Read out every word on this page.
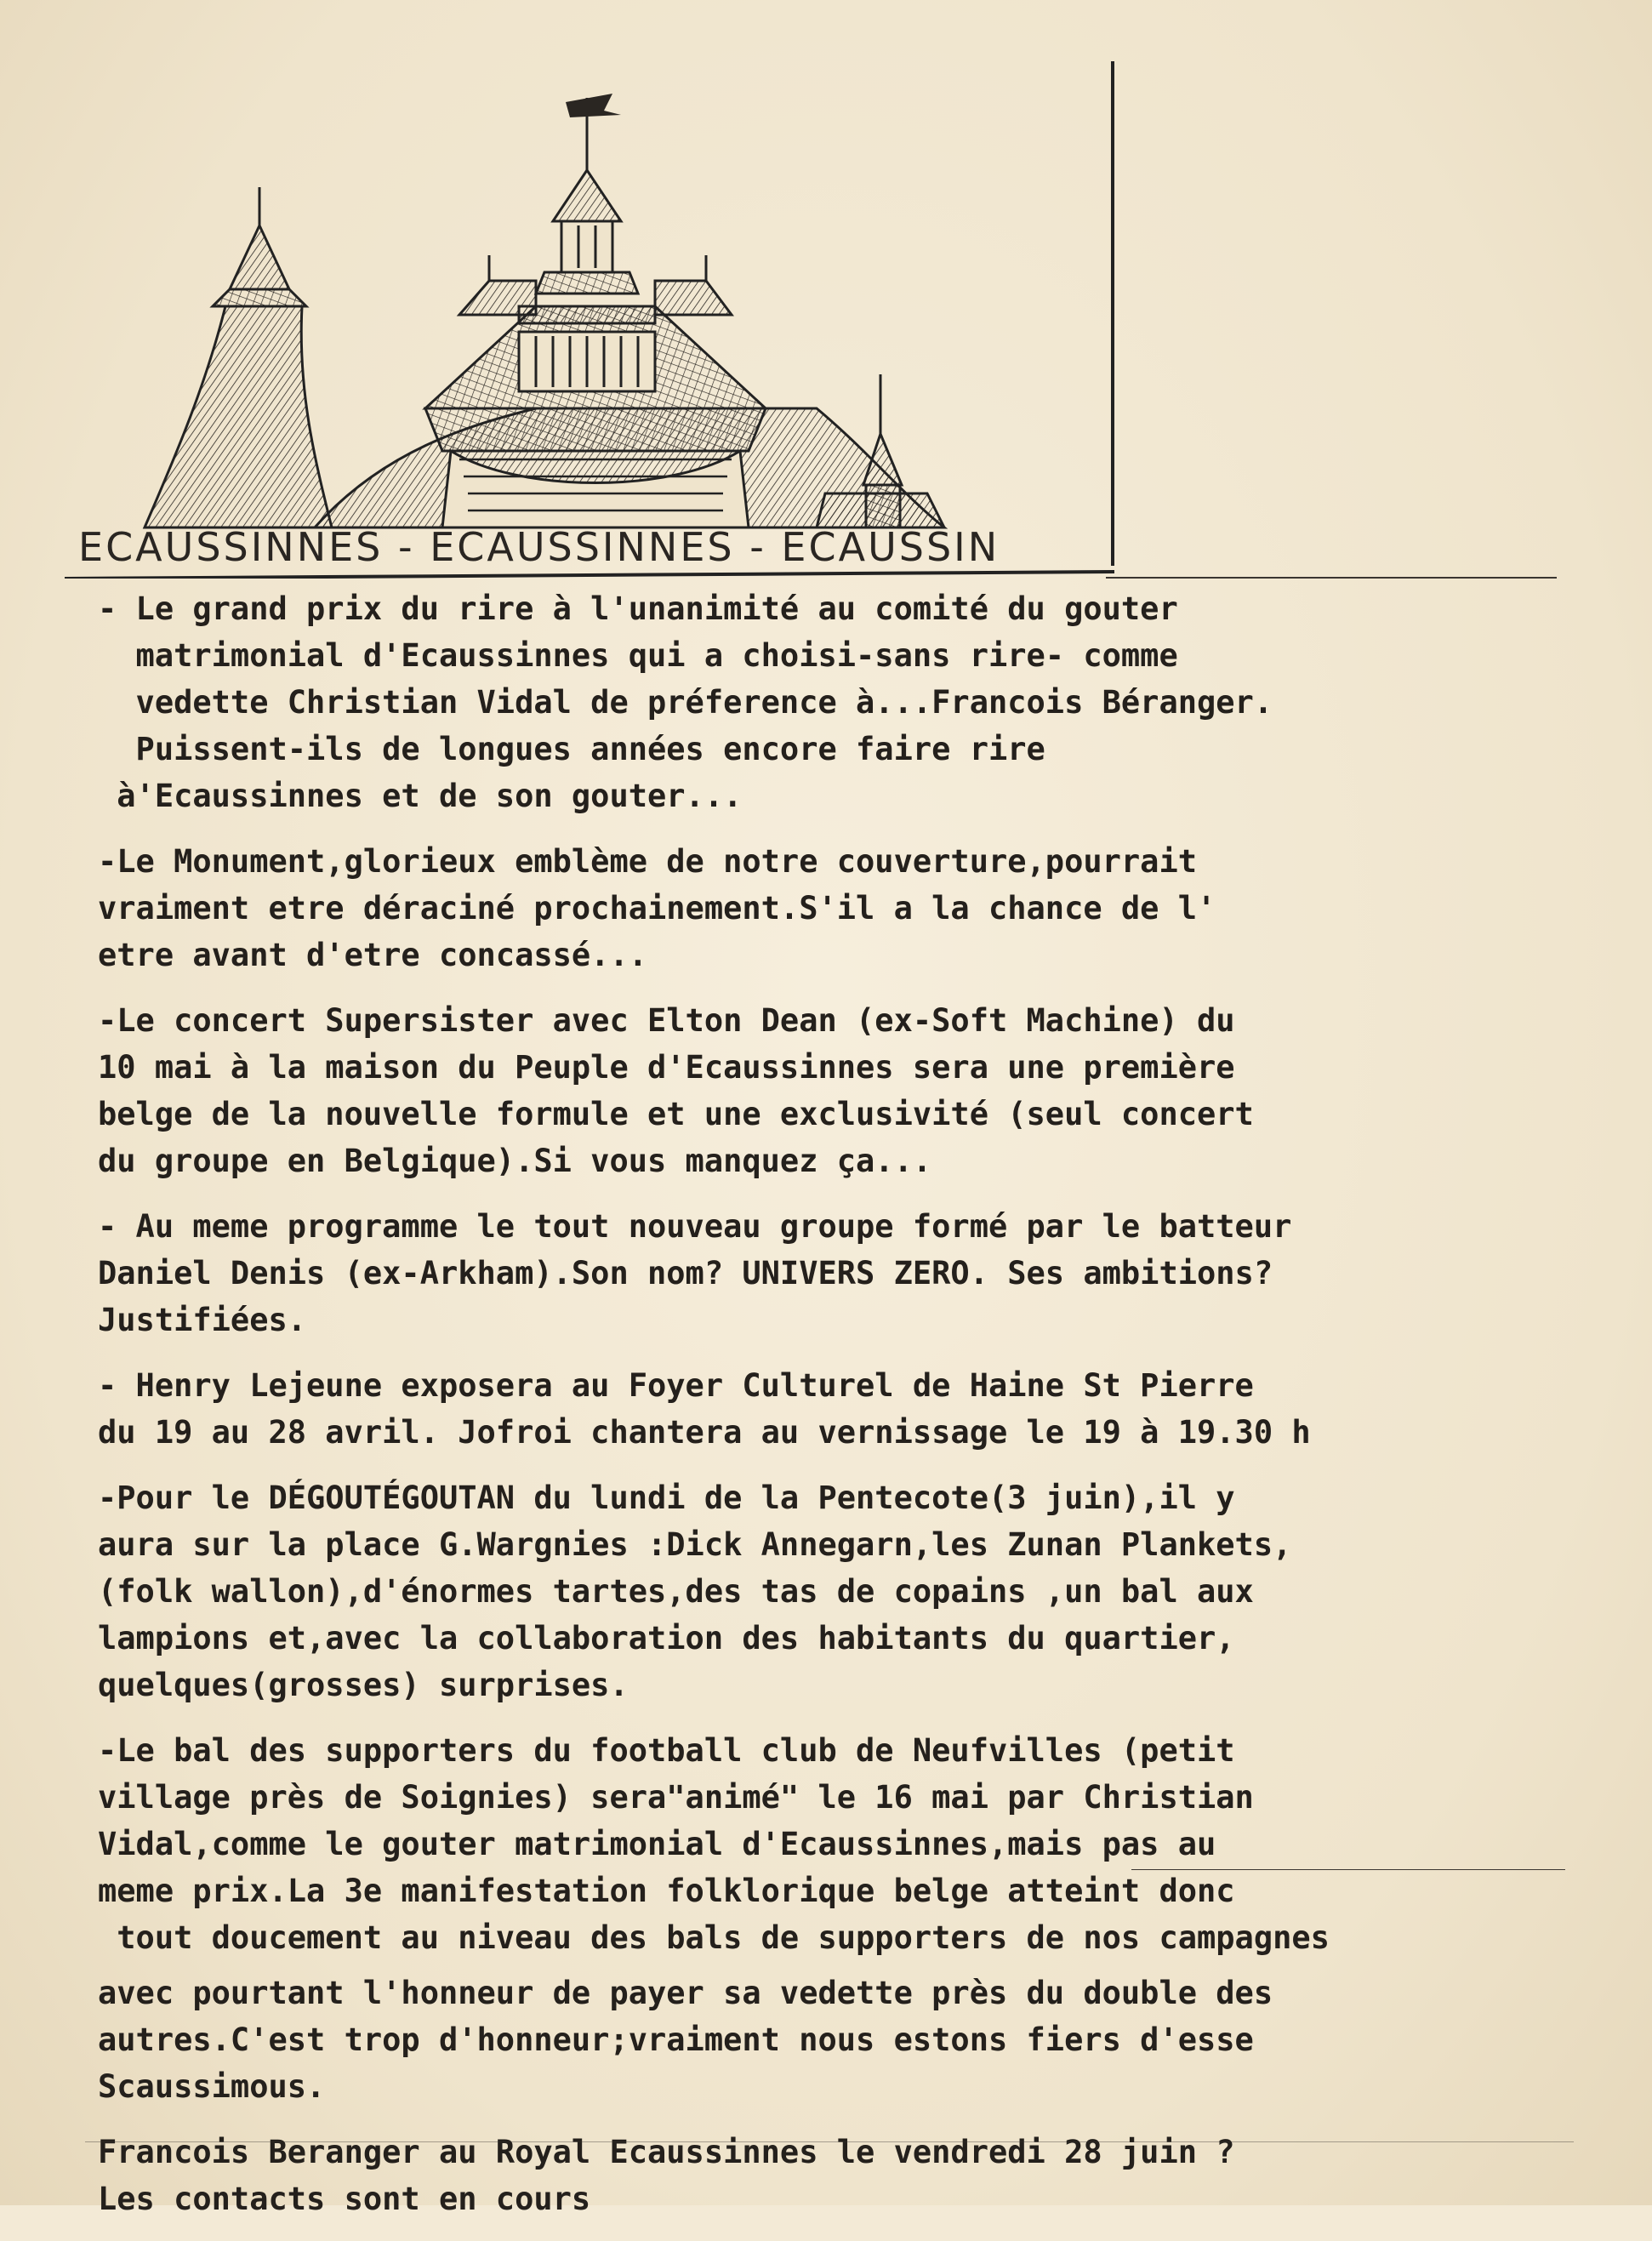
ECAUSSINNES - ECAUSSINNES - ECAUSSIN
- Le grand prix du rire à l'unanimité au comité du gouter
matrimonial d'Ecaussinnes qui a choisi-sans rire- comme
vedette Christian Vidal de préference à...Francois Béranger.
Puissent-ils de longues années encore faire rire
à'Ecaussinnes et de son gouter...
-Le Monument,glorieux emblème de notre couverture,pourrait
vraiment etre déraciné prochainement.S'il a la chance de l'
etre avant d'etre concassé...
-Le concert Supersister avec Elton Dean (ex-Soft Machine) du
10 mai à la maison du Peuple d'Ecaussinnes sera une première
belge de la nouvelle formule et une exclusivité (seul concert
du groupe en Belgique).Si vous manquez ça...
- Au meme programme le tout nouveau groupe formé par le batteur
Daniel Denis (ex-Arkham).Son nom? UNIVERS ZERO. Ses ambitions?
Justifiées.
- Henry Lejeune exposera au Foyer Culturel de Haine St Pierre
du 19 au 28 avril. Jofroi chantera au vernissage le 19 à 19.30 h
-Pour le DÉGOUTÉGOUTAN du lundi de la Pentecote(3 juin),il y
aura sur la place G.Wargnies :Dick Annegarn,les Zunan Plankets,
(folk wallon),d'énormes tartes,des tas de copains ,un bal aux
lampions et,avec la collaboration des habitants du quartier,
quelques(grosses) surprises.
-Le bal des supporters du football club de Neufvilles (petit
village près de Soignies) sera"animé" le 16 mai par Christian
Vidal,comme le gouter matrimonial d'Ecaussinnes,mais pas au
meme prix.La 3e manifestation folklorique belge atteint donc
tout doucement au niveau des bals de supporters de nos campagnes
avec pourtant l'honneur de payer sa vedette près du double des
autres.C'est trop d'honneur;vraiment nous estons fiers d'esse
Scaussimous.
Francois Beranger au Royal Ecaussinnes le vendredi 28 juin ?
Les contacts sont en cours
